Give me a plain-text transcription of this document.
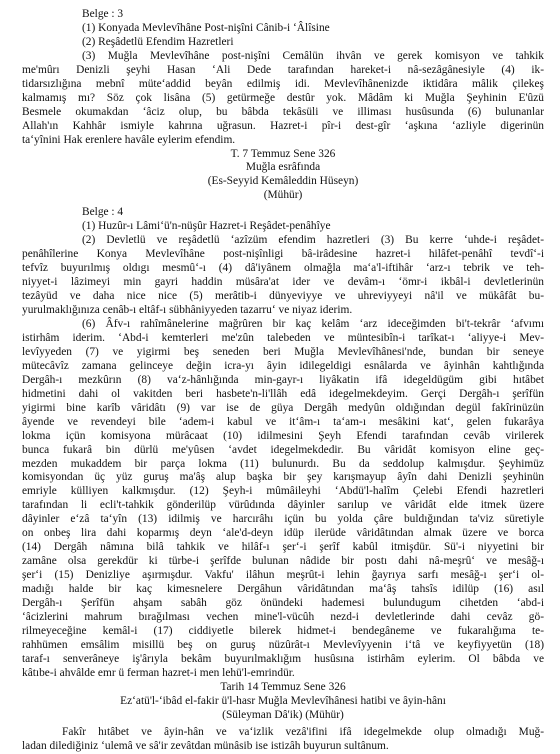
Belge : 3
(1) Konyada Mevlevîhâne Post-nişîni Cânib-i ‘Âlîsine
(2) Reşâdetlü Efendim Hazretleri
(3) Muğla Mevlevîhâne post-nişîni Cemâlün ihvân ve gerek komisyon ve tahkik
me'mûrı Denizli şeyhi Hasan ‘Ali Dede tarafından hareket-i nâ-sezâgânesiyle (4) ik-
tidarsızlığına mebnî müte‘addid beyân edilmiş idi. Mevlevîhânenizde iktidâra mâlik çilekeş
kalmamış mı? Söz çok lisâna (5) getürmeğe destûr yok. Mâdâm ki Muğla Şeyhinin E'ûzü
Besmele okumakdan ‘âciz olup, bu bâbda tekâsüli ve illiması husûsunda (6) bulunanlar
Allah'ın Kahhâr ismiyle kahrına uğrasun. Hazret-i pîr-i dest-gîr ‘aşkına ‘azliyle digerinün
ta‘yînini Hak erenlere havâle eylerim efendim.
T. 7 Temmuz Sene 326
Muğla esrâfında
(Es-Seyyid Kemâleddin Hüseyn)
(Mühür)
Belge : 4
(1) Huzûr-ı Lâmi‘ü'n-nüşûr Hazret-i Reşâdet-penâhîye
(2) Devletlü ve reşâdetlü ‘azîzüm efendim hazretleri (3) Bu kerre ‘uhde-i reşâdet-
penâhîlerine Konya Mevlevîhâne post-nişînligi bâ-irâdesine hazret-i hilâfet-penâhî tevdî‘-i
tefvîz buyurılmış oldıgı mesmû‘-ı (4) dâ'iyânem olmağla ma‘a'l-iftihâr ‘arz-ı tebrik ve teh-
niyyet-i lâzimeyi min gayri haddin müsâra'at ider ve devâm-ı ‘ömr-i ikbâl-i devletlerinün
tezâyüd ve daha nice nice (5) merâtib-i dünyeviyye ve uhreviyyeyi nâ'il ve mükâfât bu-
yurulmaklığınıza cenâb-ı eltâf-ı sübhâniyyeden tazarru‘ ve niyaz iderim.
(6) Âfv-ı rahîmânelerine mağrûren bir kaç kelâm ‘arz ideceğimden bi't-tekrâr ‘afvımı
istirhâm iderim. ‘Abd-i kemterleri me'zûn talebeden ve müntesibîn-i tarîkat-ı ‘aliyye-i Mev-
levîyyeden (7) ve yigirmi beş seneden beri Muğla Mevlevîhânesi'nde, bundan bir seneye
mütecâvîz zamana gelinceye değin icra-yı âyin idilegeldigi esnâlarda ve âyinhân kahtlığında
Dergâh-ı mezkûrın (8) va‘z-hânlığında min-gayr-ı liyâkatin ifâ idegeldügüm gibi hıtâbet
hidmetini dahi ol vakitden beri hasbete'n-li'llâh edâ idegelmekdeyim. Gerçi Dergâh-ı şerîfün
yigirmi bine karîb vâridâtı (9) var ise de güya Dergâh medyûn oldığından degül fakîrinüzün
âyende ve revendeyi bile ‘adem-i kabul ve it‘âm-ı ta‘am-ı mesâkini kat‘, gelen fukarâya
lokma içün komisyona mürâcaat (10) idilmesini Şeyh Efendi tarafından cevâb virilerek
bunca fukarâ bin dürlü me'yûsen ‘avdet idegelmekdedir. Bu vâridât komisyon eline geç-
mezden mukaddem bir parça lokma (11) bulunurdı. Bu da seddolup kalmışdur. Şeyhimüz
komisyondan üç yüz guruş ma'âş alup başka bir şey karışmayup âyîn dahi Denizli şeyhinün
emriyle külliyen kalkmışdur. (12) Şeyh-i mûmâileyhi ‘Abdü'l-halîm Çelebi Efendi hazretleri
tarafından li ecli't-tahkik gönderilüp vürûdında dâyinler sarılup ve vâridât elde itmek üzere
dâyinler e‘zâ ta‘yîn (13) idilmiş ve harcırâhı içün bu yolda çâre buldığından ta'viz süretiyle
on onbeş lira dahi koparmış deyn ‘ale'd-deyn idüp ilerüde vâridâtından almak üzere ve borca
(14) Dergâh nâmına bilâ tahkik ve hilâf-ı şer‘-i şerîf kabûl itmişdür. Sü'-i niyyetini bir
zamâne olsa gerekdür ki türbe-i şerîfde bulunan nâdide bir postı dahi nâ-meşrû‘ ve mesâğ-ı
şer‘i (15) Denizliye aşırmışdur. Vakfu' ilâhun meşrût-i lehin ğayrıya sarfı mesâğ-ı şer‘i ol-
madığı halde bir kaç kimesnelere Dergâhun vâridâtından ma‘âş tahsîs idilüp (16) asıl
Dergâh-ı Şerîfün ahşam sabâh göz önündeki hademesi bulundugum cihetden ‘abd-i
‘âcizlerini mahrum bırağılması vechen mine'l-vücûh nezd-i devletlerinde dahi cevâz gö-
rilmeyeceğine kemâl-i (17) ciddiyetle bilerek hidmet-i bendegâneme ve fukaralığıma te-
rahhümen emsâlim misillü beş on guruş nüzûrât-ı Mevlevîyyenin i‘tâ ve keyfiyyetün (18)
taraf-ı senverâneye iş'ârıyla bekâm buyurılmaklığım husûsına istirhâm eylerim. Ol bâbda ve
kâtıbe-i ahvâlde emr ü ferman hazret-i men lehü'l-emrindür.
Tarih 14 Temmuz Sene 326
Ez‘atü'l-‘ibâd el-fakir ü'l-hasr Muğla Mevlevîhânesi hatibi ve âyin-hânı
(Süleyman Dâ'ik) (Mühür)
Fakîr hıtâbet ve âyin-hân ve va‘izlik vezâ'ifini ifâ idegelmekde olup olmadığı Muğ-
ladan dilediğiniz ‘ulemâ ve sâ'ir zevâtdan münâsib ise istizâh buyurun sultânum.
